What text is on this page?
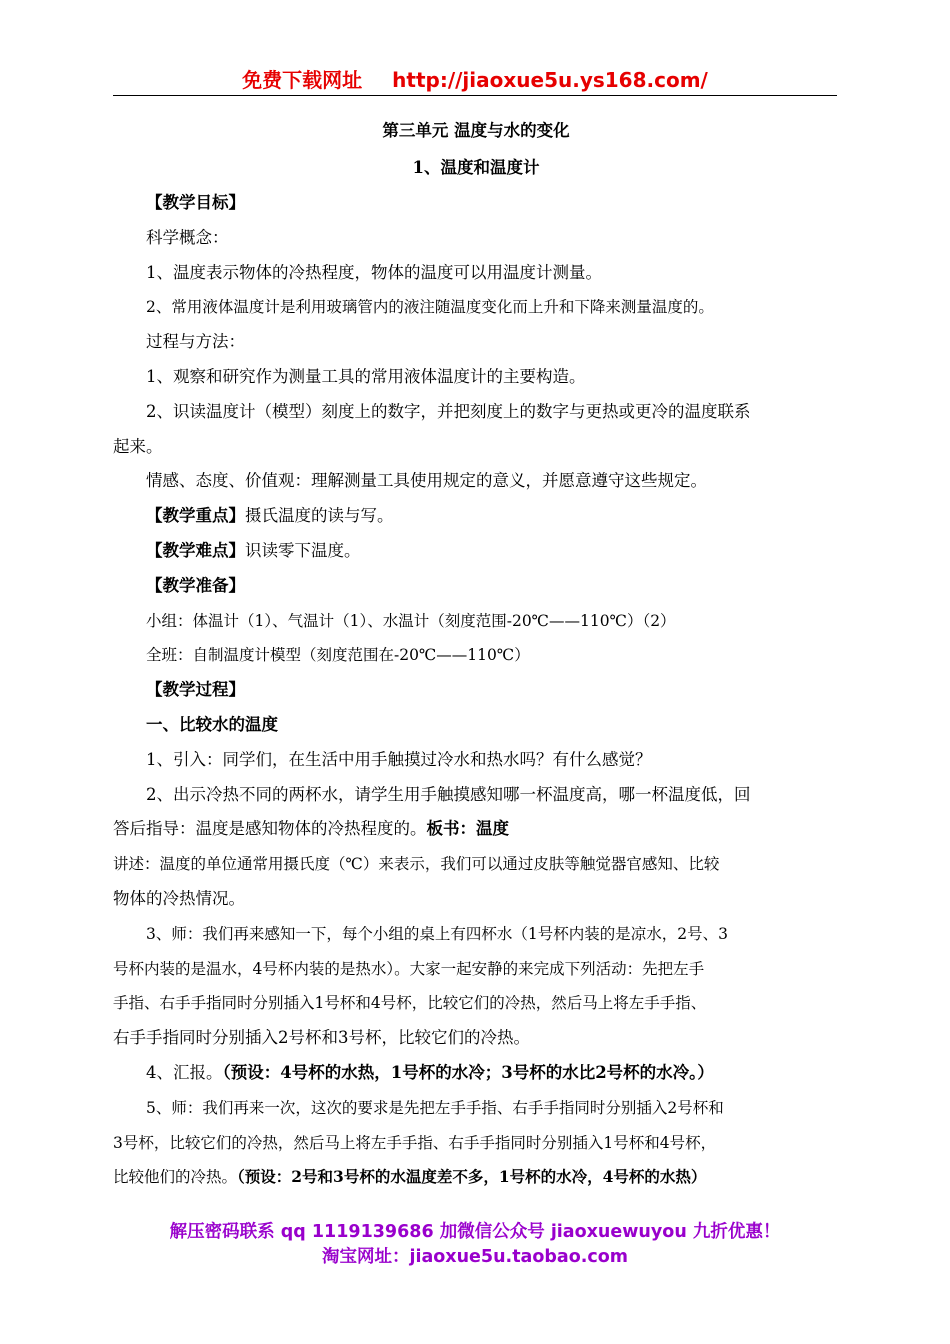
免费下载网址 http://jiaoxue5u.ys168.com/
第三单元 温度与水的变化
1、温度和温度计
【教学目标】
科学概念：
1、温度表示物体的冷热程度，物体的温度可以用温度计测量。
2、常用液体温度计是利用玻璃管内的液注随温度变化而上升和下降来测量温度的。
过程与方法：
1、观察和研究作为测量工具的常用液体温度计的主要构造。
2、识读温度计（模型）刻度上的数字，并把刻度上的数字与更热或更冷的温度联系
起来。
情感、态度、价值观：理解测量工具使用规定的意义，并愿意遵守这些规定。
【教学重点】摄氏温度的读与写。
【教学难点】识读零下温度。
【教学准备】
小组：体温计（1）、气温计（1）、水温计（刻度范围-20℃——110℃）（2）
全班：自制温度计模型（刻度范围在-20℃——110℃）
【教学过程】
一、比较水的温度
1、引入：同学们，在生活中用手触摸过冷水和热水吗？有什么感觉？
2、出示冷热不同的两杯水，请学生用手触摸感知哪一杯温度高，哪一杯温度低，回
答后指导：温度是感知物体的冷热程度的。板书：温度
讲述：温度的单位通常用摄氏度（℃）来表示，我们可以通过皮肤等触觉器官感知、比较
物体的冷热情况。
3、师：我们再来感知一下，每个小组的桌上有四杯水（1号杯内装的是凉水，2号、3
号杯内装的是温水，4号杯内装的是热水）。大家一起安静的来完成下列活动：先把左手
手指、右手手指同时分别插入1号杯和4号杯，比较它们的冷热，然后马上将左手手指、
右手手指同时分别插入2号杯和3号杯，比较它们的冷热。
4、汇报。（预设：4号杯的水热，1号杯的水冷；3号杯的水比2号杯的水冷。）
5、师：我们再来一次，这次的要求是先把左手手指、右手手指同时分别插入2号杯和
3号杯，比较它们的冷热，然后马上将左手手指、右手手指同时分别插入1号杯和4号杯，
比较他们的冷热。（预设：2号和3号杯的水温度差不多，1号杯的水冷，4号杯的水热）
解压密码联系 qq 1119139686 加微信公众号 jiaoxuewuyou 九折优惠！
淘宝网址：jiaoxue5u.taobao.com
